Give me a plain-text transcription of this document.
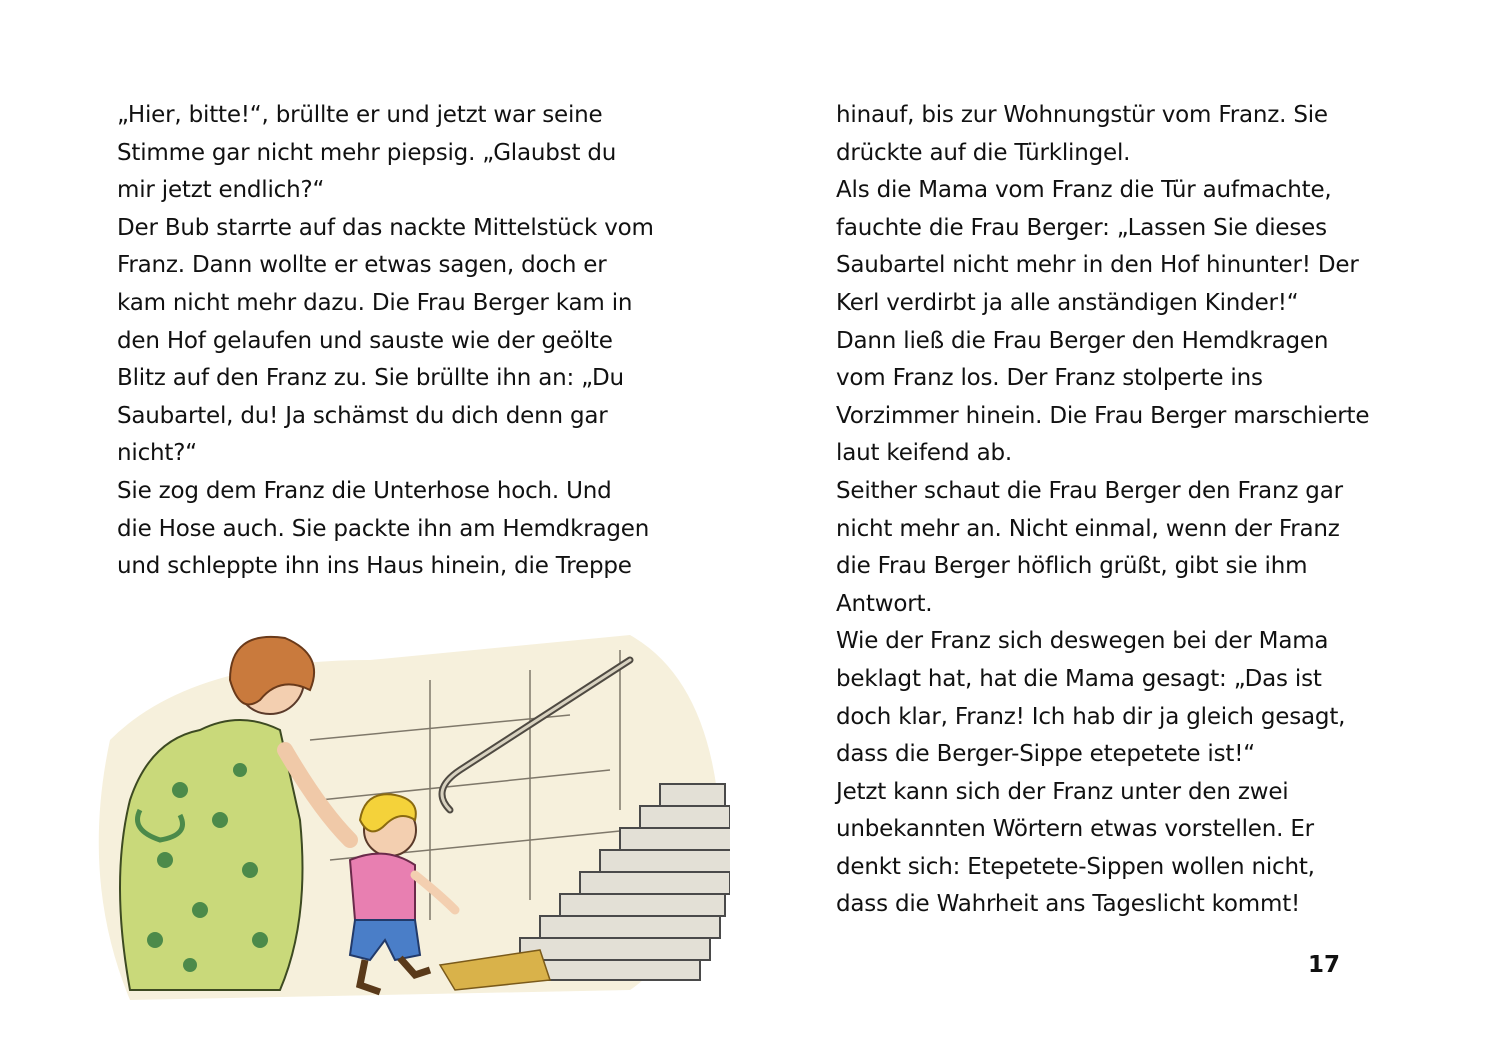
„Hier, bitte!“, brüllte er und jetzt war seine
Stimme gar nicht mehr piepsig. „Glaubst du
mir jetzt endlich?“
Der Bub starrte auf das nackte Mittelstück vom
Franz. Dann wollte er etwas sagen, doch er
kam nicht mehr dazu. Die Frau Berger kam in
den Hof gelaufen und sauste wie der geölte
Blitz auf den Franz zu. Sie brüllte ihn an: „Du
Saubartel, du! Ja schämst du dich denn gar
nicht?“
Sie zog dem Franz die Unterhose hoch. Und
die Hose auch. Sie packte ihn am Hemdkragen
und schleppte ihn ins Haus hinein, die Treppe
hinauf, bis zur Wohnungstür vom Franz. Sie
drückte auf die Türklingel.
Als die Mama vom Franz die Tür aufmachte,
fauchte die Frau Berger: „Lassen Sie dieses
Saubartel nicht mehr in den Hof hinunter! Der
Kerl verdirbt ja alle anständigen Kinder!“
Dann ließ die Frau Berger den Hemdkragen
vom Franz los. Der Franz stolperte ins
Vorzimmer hinein. Die Frau Berger marschierte
laut keifend ab.
Seither schaut die Frau Berger den Franz gar
nicht mehr an. Nicht einmal, wenn der Franz
die Frau Berger höflich grüßt, gibt sie ihm
Antwort.
Wie der Franz sich deswegen bei der Mama
beklagt hat, hat die Mama gesagt: „Das ist
doch klar, Franz! Ich hab dir ja gleich gesagt,
dass die Berger-Sippe etepetete ist!“
Jetzt kann sich der Franz unter den zwei
unbekannten Wörtern etwas vorstellen. Er
denkt sich: Etepetete-Sippen wollen nicht,
dass die Wahrheit ans Tageslicht kommt!
17
